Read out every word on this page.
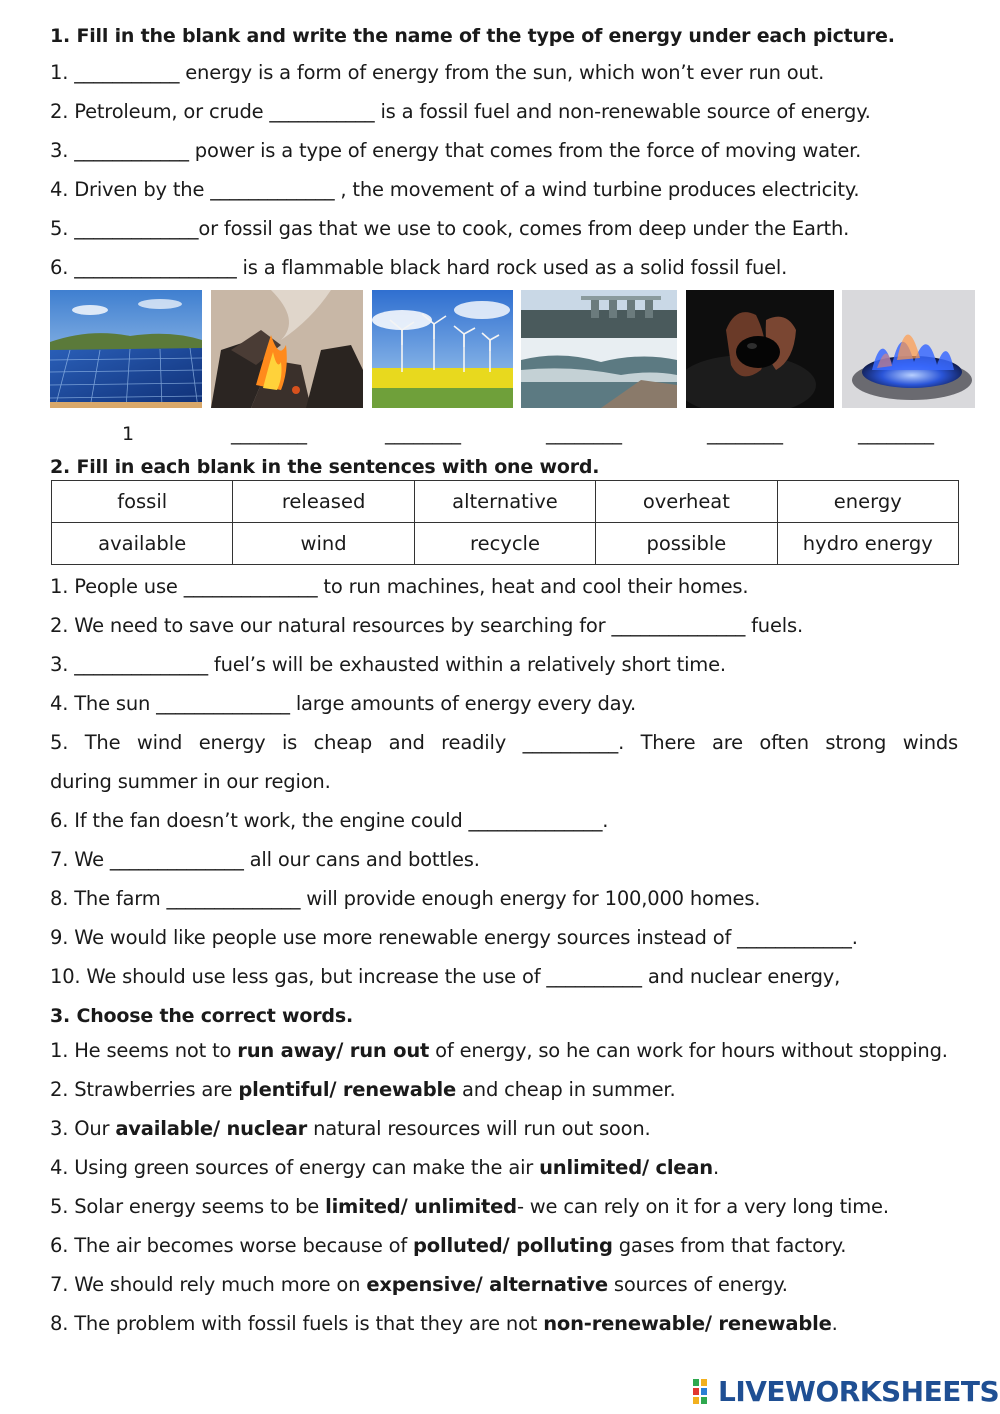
1. Fill in the blank and write the name of the type of energy under each picture.
1. ___________ energy is a form of energy from the sun, which won’t ever run out.
2. Petroleum, or crude ___________ is a fossil fuel and non-renewable source of energy.
3. ____________ power is a type of energy that comes from the force of moving water.
4. Driven by the _____________ , the movement of a wind turbine produces electricity.
5. _____________or fossil gas that we use to cook, comes from deep under the Earth.
6. _________________ is a flammable black hard rock used as a solid fossil fuel.
1	________	________	________	________	________
2. Fill in each blank in the sentences with one word.
fossil	released	alternative	overheat	energy
available	wind	recycle	possible	hydro energy
1. People use ______________ to run machines, heat and cool their homes.
2. We need to save our natural resources by searching for ______________ fuels.
3. ______________ fuel’s will be exhausted within a relatively short time.
4. The sun ______________ large amounts of energy every day.
5. The wind energy is cheap and readily __________. There are often strong winds
during summer in our region.
6. If the fan doesn’t work, the engine could ______________.
7. We ______________ all our cans and bottles.
8. The farm ______________ will provide enough energy for 100,000 homes.
9. We would like people use more renewable energy sources instead of ____________.
10. We should use less gas, but increase the use of __________ and nuclear energy,
3. Choose the correct words.
1. He seems not to run away/ run out of energy, so he can work for hours without stopping.
2. Strawberries are plentiful/ renewable and cheap in summer.
3. Our available/ nuclear natural resources will run out soon.
4. Using green sources of energy can make the air unlimited/ clean.
5. Solar energy seems to be limited/ unlimited- we can rely on it for a very long time.
6. The air becomes worse because of polluted/ polluting gases from that factory.
7. We should rely much more on expensive/ alternative sources of energy.
8. The problem with fossil fuels is that they are not non-renewable/ renewable.
LIVEWORKSHEETS
